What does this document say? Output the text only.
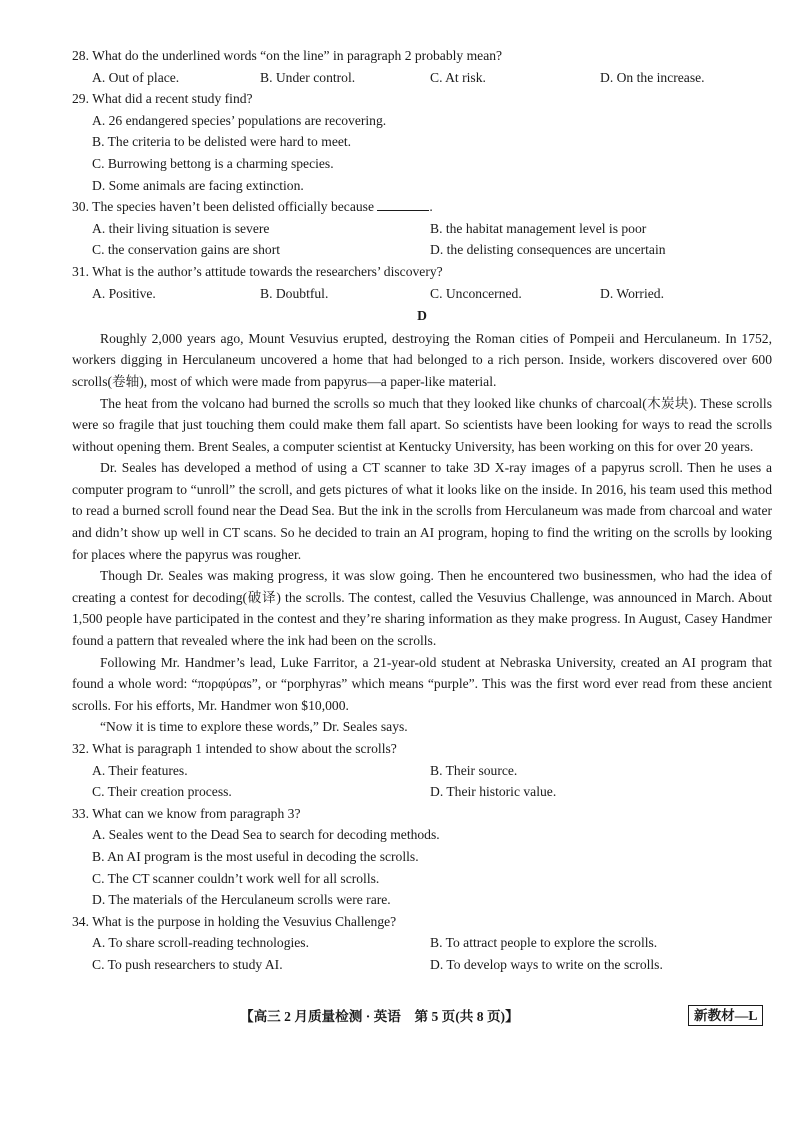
28. What do the underlined words “on the line” in paragraph 2 probably mean?

A. Out of place.	B. Under control.	C. At risk.	D. On the increase.

29. What did a recent study find?

A. 26 endangered species’ populations are recovering.
B. The criteria to be delisted were hard to meet.
C. Burrowing bettong is a charming species.
D. Some animals are facing extinction.

30. The species haven’t been delisted officially because	.

A. their living situation is severe	B. the habitat management level is poor
C. the conservation gains are short	D. the delisting consequences are uncertain

31. What is the author’s attitude towards the researchers’ discovery?

A. Positive.	B. Doubtful.	C. Unconcerned.	D. Worried.
D

Roughly 2,000 years ago, Mount Vesuvius erupted, destroying the Roman cities of Pompeii and Herculaneum. In 1752, workers digging in Herculaneum uncovered a home that had belonged to a rich person. Inside, workers discovered over 600 scrolls(卷轴), most of which were made from papyrus—a paper-like material.

The heat from the volcano had burned the scrolls so much that they looked like chunks of charcoal(木炭块). These scrolls were so fragile that just touching them could make them fall apart. So scientists have been looking for ways to read the scrolls without opening them. Brent Seales, a computer scientist at Kentucky University, has been working on this for over 20 years.

Dr. Seales has developed a method of using a CT scanner to take 3D X-ray images of a papyrus scroll. Then he uses a computer program to “unroll” the scroll, and gets pictures of what it looks like on the inside. In 2016, his team used this method to read a burned scroll found near the Dead Sea. But the ink in the scrolls from Herculaneum was made from charcoal and water and didn’t show up well in CT scans. So he decided to train an AI program, hoping to find the writing on the scrolls by looking for places where the papyrus was rougher.

Though Dr. Seales was making progress, it was slow going. Then he encountered two businessmen, who had the idea of creating a contest for decoding(破译) the scrolls. The contest, called the Vesuvius Challenge, was announced in March. About 1,500 people have participated in the contest and they’re sharing information as they make progress. In August, Casey Handmer found a pattern that revealed where the ink had been on the scrolls.

Following Mr. Handmer’s lead, Luke Farritor, a 21-year-old student at Nebraska University, created an AI program that found a whole word: “πορφύραs”, or “porphyras” which means “purple”. This was the first word ever read from these ancient scrolls. For his efforts, Mr. Handmer won $10,000.

“Now it is time to explore these words,” Dr. Seales says.

32. What is paragraph 1 intended to show about the scrolls?

A. Their features.	B. Their source.
C. Their creation process.	D. Their historic value.

33. What can we know from paragraph 3?

A. Seales went to the Dead Sea to search for decoding methods.
B. An AI program is the most useful in decoding the scrolls.
C. The CT scanner couldn’t work well for all scrolls.
D. The materials of the Herculaneum scrolls were rare.

34. What is the purpose in holding the Vesuvius Challenge?

A. To share scroll-reading technologies.	B. To attract people to explore the scrolls.
C. To push researchers to study AI.	D. To develop ways to write on the scrolls.
【高三 2 月质量检测 · 英语　第 5 页(共 8 页)】	新教材—L
